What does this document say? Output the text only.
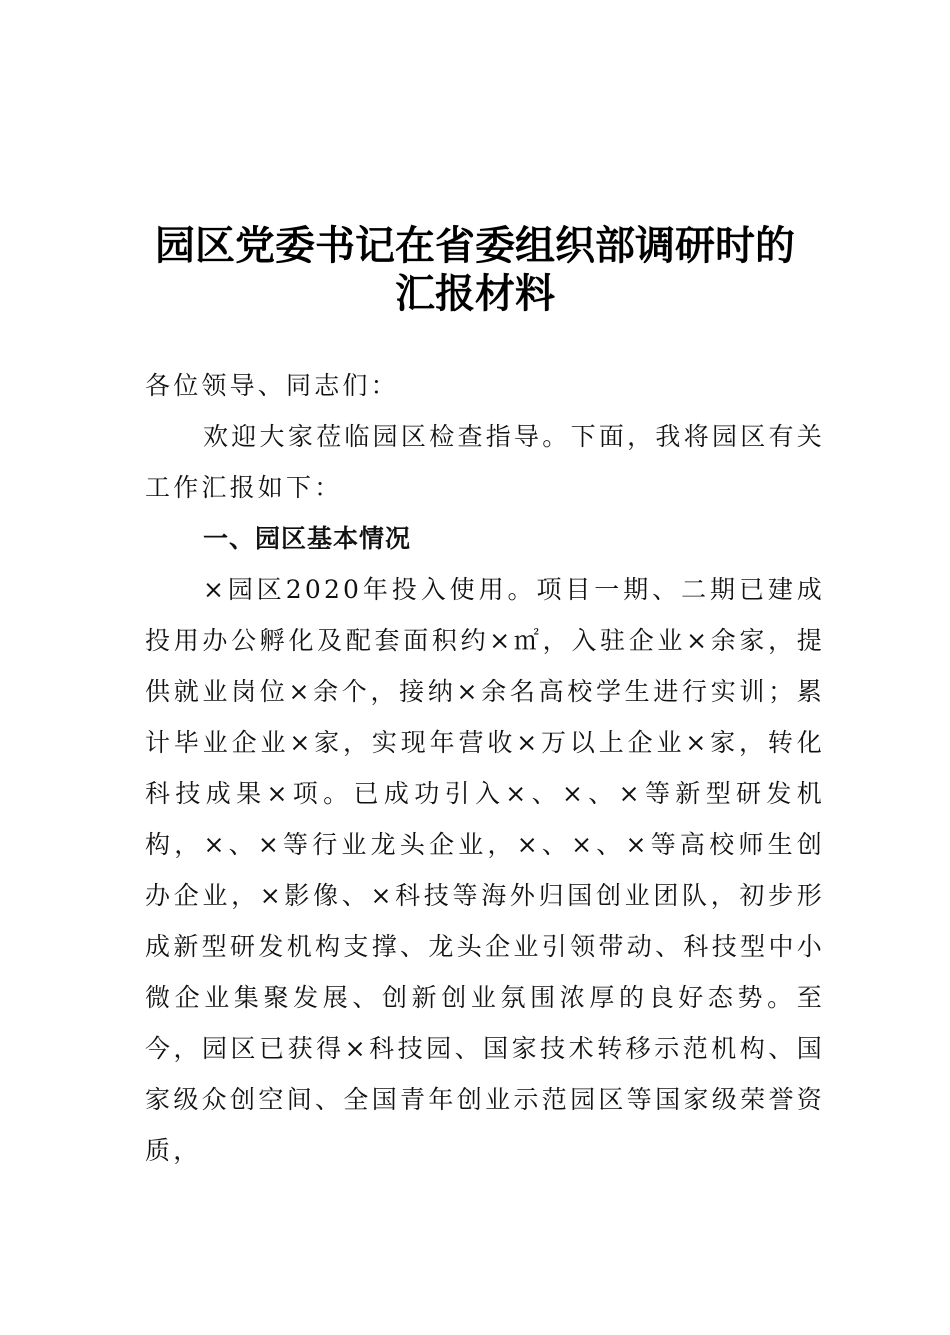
园区党委书记在省委组织部调研时的
汇报材料

各位领导、同志们：

欢迎大家莅临园区检查指导。下面，我将园区有关工作汇报如下：

一、园区基本情况

×园区2020年投入使用。项目一期、二期已建成投用办公孵化及配套面积约×㎡，入驻企业×余家，提供就业岗位×余个，接纳×余名高校学生进行实训；累计毕业企业×家，实现年营收×万以上企业×家，转化科技成果×项。已成功引入×、×、×等新型研发机构，×、×等行业龙头企业，×、×、×等高校师生创办企业，×影像、×科技等海外归国创业团队，初步形成新型研发机构支撑、龙头企业引领带动、科技型中小微企业集聚发展、创新创业氛围浓厚的良好态势。至今，园区已获得×科技园、国家技术转移示范机构、国家级众创空间、全国青年创业示范园区等国家级荣誉资质，
